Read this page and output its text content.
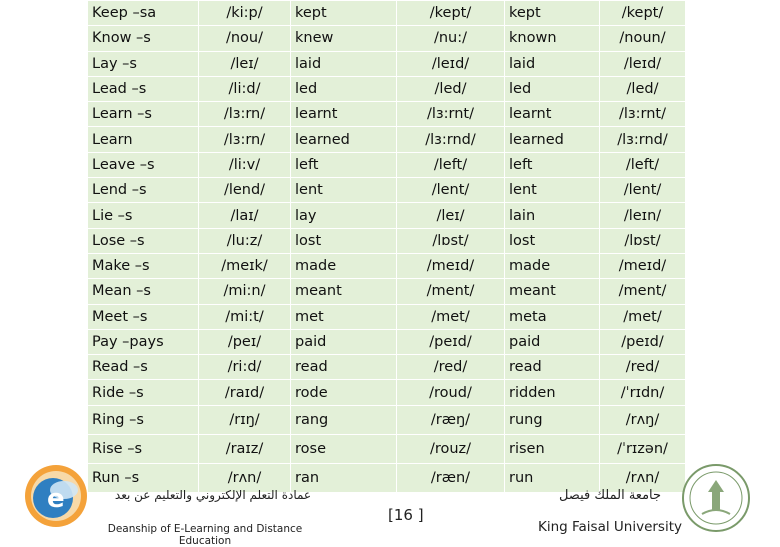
Keep –sa	/ki:p/	kept	/kept/	kept	/kept/
Know –s	/nou/	knew	/nu:/	known	/noun/
Lay –s	/leɪ/	laid	/leɪd/	laid	/leɪd/
Lead –s	/li:d/	led	/led/	led	/led/
Learn –s	/lɜ:rn/	learnt	/lɜ:rnt/	learnt	/lɜ:rnt/
Learn	/lɜ:rn/	learned	/lɜ:rnd/	learned	/lɜ:rnd/
Leave –s	/li:v/	left	/left/	left	/left/
Lend –s	/lend/	lent	/lent/	lent	/lent/
Lie –s	/laɪ/	lay	/leɪ/	lain	/leɪn/
Lose –s	/lu:z/	lost	/lɒst/	lost	/lɒst/
Make –s	/meɪk/	made	/meɪd/	made	/meɪd/
Mean –s	/mi:n/	meant	/ment/	meant	/ment/
Meet –s	/mi:t/	met	/met/	meta	/met/
Pay –pays	/peɪ/	paid	/peɪd/	paid	/peɪd/
Read –s	/ri:d/	read	/red/	read	/red/
Ride –s	/raɪd/	rode	/roud/	ridden	/ˈrɪdn/
Ring –s	/rɪŋ/	rang	/ræŋ/	rung	/rʌŋ/
Rise –s	/raɪz/	rose	/rouz/	risen	/ˈrɪzən/
Run –s	/rʌn/	ran	/ræn/	run	/rʌn/
e	عمادة التعلم الإلكتروني والتعليم عن بعد
Deanship of E-Learning and Distance Education
[16 ]
جامعة الملك فيصل
King Faisal University
